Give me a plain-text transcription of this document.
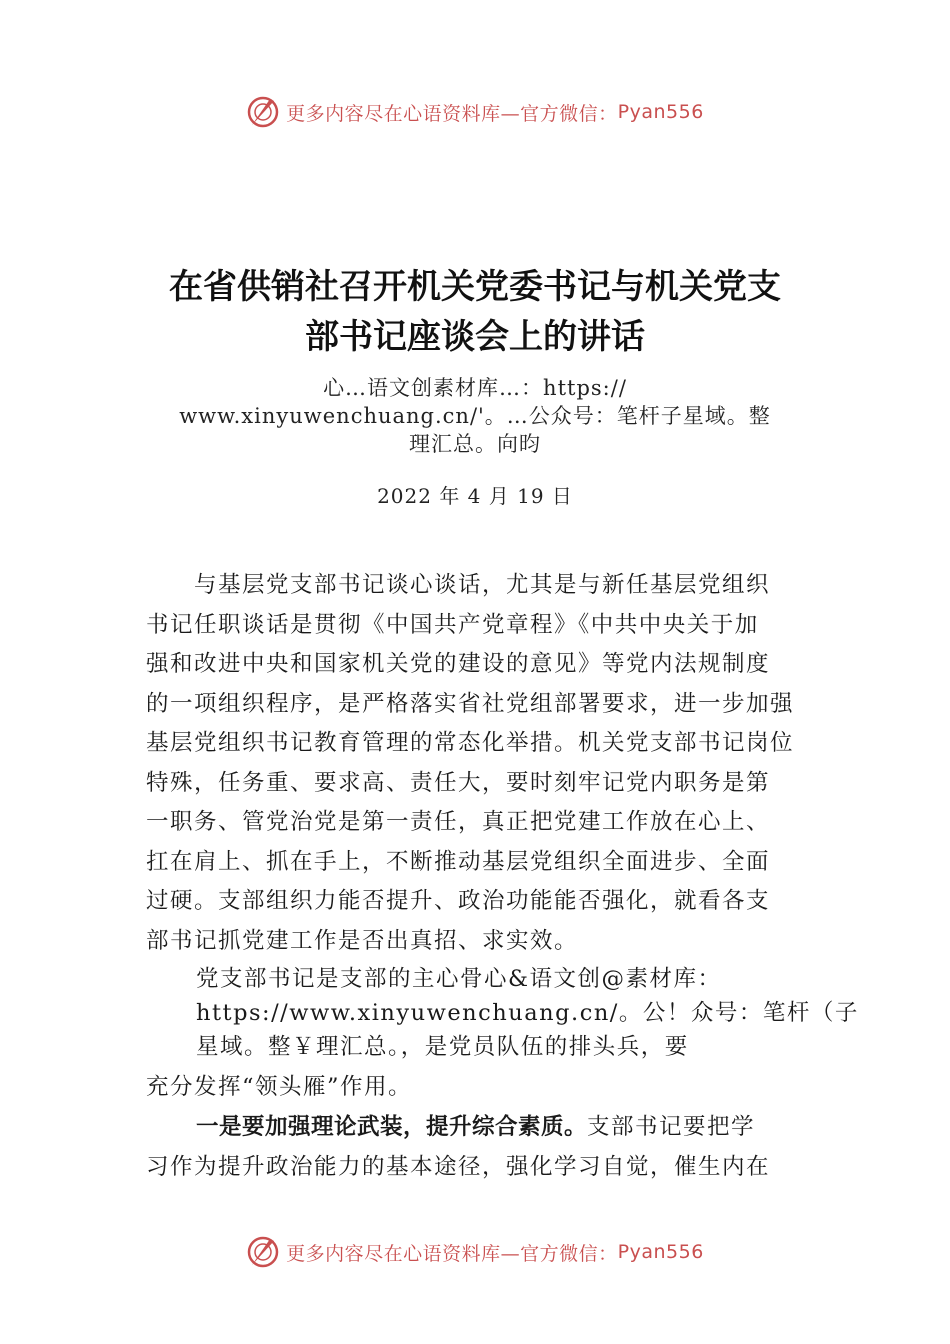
更多内容尽在心语资料库—官方微信： Pyan556
在省供销社召开机关党委书记与机关党支
部书记座谈会上的讲话
心…语文创素材库…：https://
www.xinyuwenchuang.cn/'。…公众号：笔杆子星域。整
理汇总。向昀
2022 年 4 月 19 日
　　与基层党支部书记谈心谈话，尤其是与新任基层党组织
书记任职谈话是贯彻《中国共产党章程》《中共中央关于加
强和改进中央和国家机关党的建设的意见》等党内法规制度
的一项组织程序，是严格落实省社党组部署要求，进一步加强
基层党组织书记教育管理的常态化举措。机关党支部书记岗位
特殊，任务重、要求高、责任大，要时刻牢记党内职务是第
一职务、管党治党是第一责任，真正把党建工作放在心上、
扛在肩上、抓在手上，不断推动基层党组织全面进步、全面
过硬。支部组织力能否提升、政治功能能否强化，就看各支
部书记抓党建工作是否出真招、求实效。
党支部书记是支部的主心骨心&语文创@素材库：
https://www.xinyuwenchuang.cn/。公！众号：笔杆（子
星域。整￥理汇总。，是党员队伍的排头兵，要
充分发挥“领头雁”作用。
一是要加强理论武装，提升综合素质。支部书记要把学
习作为提升政治能力的基本途径，强化学习自觉，催生内在
更多内容尽在心语资料库—官方微信： Pyan556
